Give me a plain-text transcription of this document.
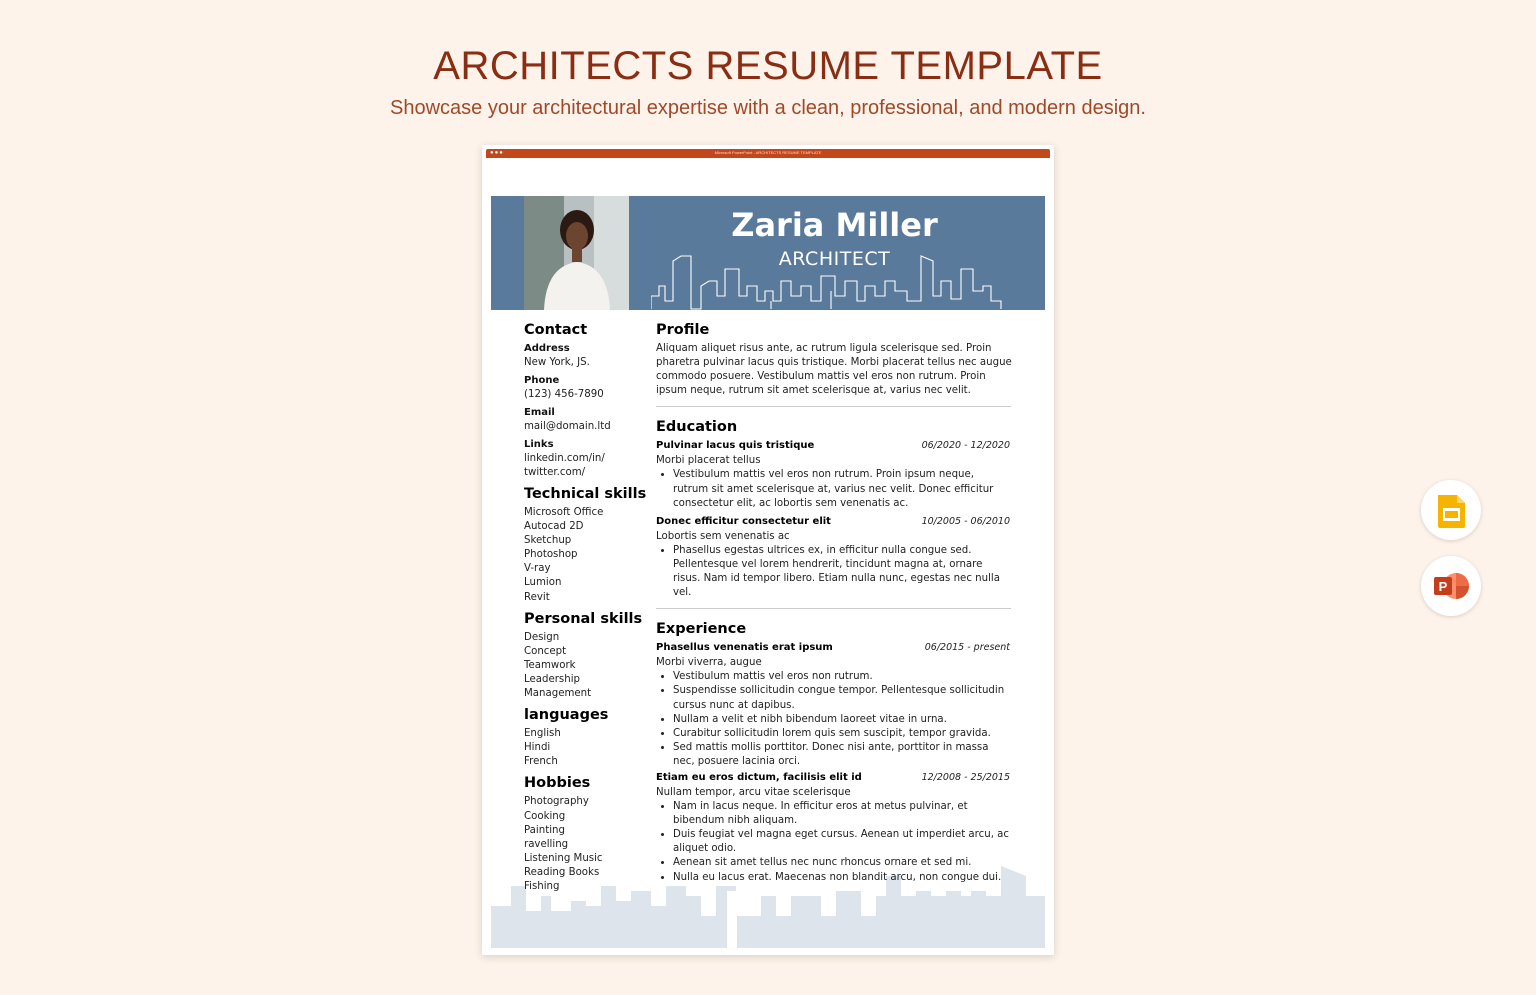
ARCHITECTS RESUME TEMPLATE
Showcase your architectural expertise with a clean, professional, and modern design.
●●●	Microsoft PowerPoint - ARCHITECTS RESUME TEMPLATE
Zaria Miller
ARCHITECT
Contact
Address
New York, JS.
Phone
(123) 456-7890
Email
mail@domain.ltd
Links
linkedin.com/in/
twitter.com/
Technical skills
Microsoft Office
Autocad 2D
Sketchup
Photoshop
V-ray
Lumion
Revit
Personal skills
Design
Concept
Teamwork
Leadership
Management
languages
English
Hindi
French
Hobbies
Photography
Cooking
Painting
ravelling
Listening Music
Reading Books
Fishing
Profile
Aliquam aliquet risus ante, ac rutrum ligula scelerisque sed. Proin pharetra pulvinar lacus quis tristique. Morbi placerat tellus nec augue commodo posuere. Vestibulum mattis vel eros non rutrum. Proin ipsum neque, rutrum sit amet scelerisque at, varius nec velit.
Education
Pulvinar lacus quis tristique	06/2020 - 12/2020
Morbi placerat tellus
• Vestibulum mattis vel eros non rutrum. Proin ipsum neque, rutrum sit amet scelerisque at, varius nec velit. Donec efficitur consectetur elit, ac lobortis sem venenatis ac.
Donec efficitur consectetur elit	10/2005 - 06/2010
Lobortis sem venenatis ac
• Phasellus egestas ultrices ex, in efficitur nulla congue sed. Pellentesque vel lorem hendrerit, tincidunt magna at, ornare risus. Nam id tempor libero. Etiam nulla nunc, egestas nec nulla vel.
Experience
Phasellus venenatis erat ipsum	06/2015 - present
Morbi viverra, augue
• Vestibulum mattis vel eros non rutrum.
• Suspendisse sollicitudin congue tempor. Pellentesque sollicitudin cursus nunc at dapibus.
• Nullam a velit et nibh bibendum laoreet vitae in urna.
• Curabitur sollicitudin lorem quis sem suscipit, tempor gravida.
• Sed mattis mollis porttitor. Donec nisi ante, porttitor in massa nec, posuere lacinia orci.
Etiam eu eros dictum, facilisis elit id	12/2008 - 25/2015
Nullam tempor, arcu vitae scelerisque
• Nam in lacus neque. In efficitur eros at metus pulvinar, et bibendum nibh aliquam.
• Duis feugiat vel magna eget cursus. Aenean ut imperdiet arcu, ac aliquet odio.
• Aenean sit amet tellus nec nunc rhoncus ornare et sed mi.
• Nulla eu lacus erat. Maecenas non blandit arcu, non congue dui.
P
